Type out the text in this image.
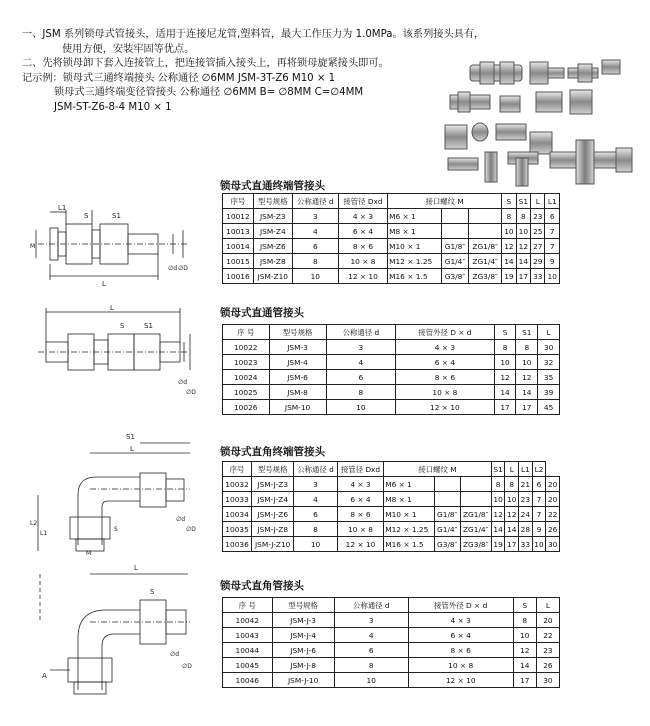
一、JSM 系列锁母式管接头，适用于连接尼龙管,塑料管，最大工作压力为 1.0MPa。该系列接头具有，

使用方便，安装牢固等优点。

二、先将锁母卸下套入连接管上，把连接管插入接头上，再将锁母旋紧接头即可。

记示例：锁母式三通终端接头 公称通径 ∅6MM JSM-3T-Z6 M10 × 1

锁母式三通终端变径管接头 公称通径 ∅6MM B= ∅8MM C=∅4MM

JSM-ST-Z6-8-4 M10 × 1

锁母式直通终端管接头
L1
S	S1
L
M
∅d ∅D
序号	型号规格	公称通径 d	接管径 Dxd	接口螺纹 M			S	S1	L	L1
10012	JSM-Z3	3	4 × 3	M6 × 1			8	8	23	6
10013	JSM-Z4	4	6 × 4	M8 × 1			10	10	25	7
10014	JSM-Z6	6	8 × 6	M10 × 1	G1/8″	ZG1/8″	12	12	27	7
10015	JSM-Z8	8	10 × 8	M12 × 1.25	G1/4″	ZG1/4″	14	14	29	9
10016	JSM-Z10	10	12 × 10	M16 × 1.5	G3/8″	ZG3/8″	19	17	33	10
锁母式直通管接头
L
S	S1
∅d
∅D
序 号	型号规格	公称通径 d	接管外径 D × d	S	S1	L
10022	JSM-3	3	4 × 3	8	8	30
10023	JSM-4	4	6 × 4	10	10	32
10024	JSM-6	6	8 × 6	12	12	35
10025	JSM-8	8	10 × 8	14	14	39
10026	JSM-10	10	12 × 10	17	17	45
锁母式直角终端管接头
S1
L
L2
L1
S
M
∅d
∅D
序号	型号规格	公称通径 d	接管径 Dxd	接口螺纹 M			S1	L	L1	L2	
10032	JSM-J-Z3	3	4 × 3	M6 × 1			8	8	21	6	20
10033	JSM-J-Z4	4	6 × 4	M8 × 1			10	10	23	7	20
10034	JSM-J-Z6	6	8 × 6	M10 × 1	G1/8″	ZG1/8″	12	12	24	7	22
10035	JSM-J-Z8	8	10 × 8	M12 × 1.25	G1/4″	ZG1/4″	14	14	28	9	26
10036	JSM-J-Z10	10	12 × 10	M16 × 1.5	G3/8″	ZG3/8″	19	17	33	10	30
锁母式直角管接头
L
S
A
∅d
∅D
序 号	型号规格	公称通径 d	接管外径 D × d	S	L
10042	JSM-J-3	3	4 × 3	8	20
10043	JSM-J-4	4	6 × 4	10	22
10044	JSM-J-6	6	8 × 6	12	23
10045	JSM-J-8	8	10 × 8	14	26
10046	JSM-J-10	10	12 × 10	17	30
